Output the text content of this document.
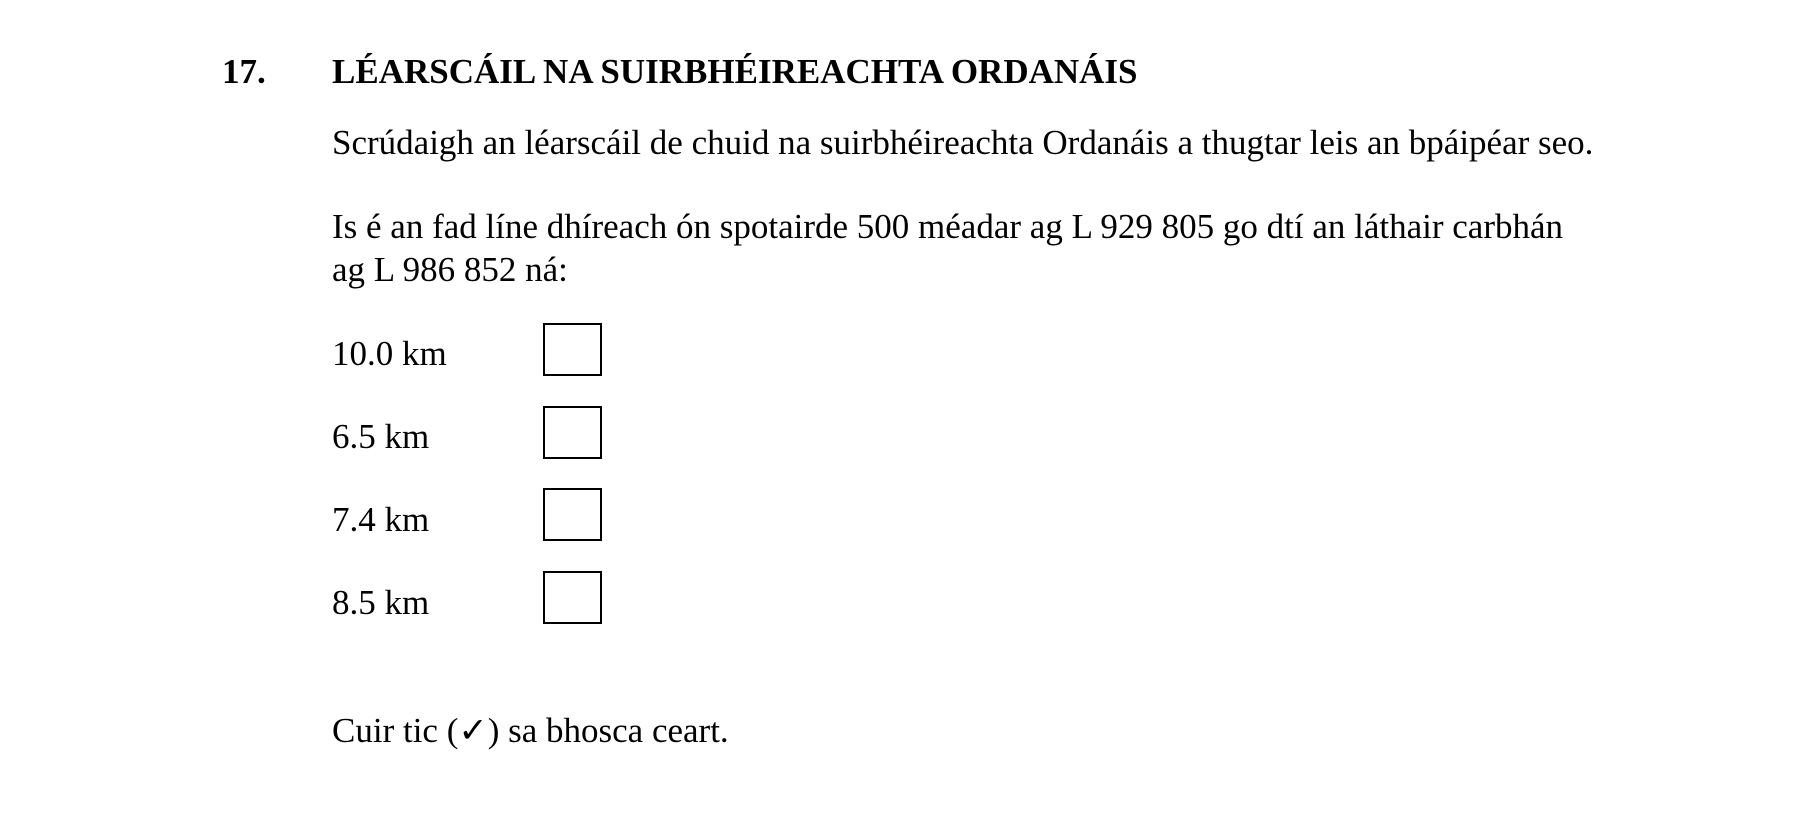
17. LÉARSCÁIL NA SUIRBHÉIREACHTA ORDANÁIS
Scrúdaigh an léarscáil de chuid na suirbhéireachta Ordanáis a thugtar leis an bpáipéar seo.
Is é an fad líne dhíreach ón spotairde 500 méadar ag L 929 805 go dtí an láthair carbhán
ag L 986 852 ná:
10.0 km
6.5 km
7.4 km
8.5 km
Cuir tic (✓) sa bhosca ceart.
